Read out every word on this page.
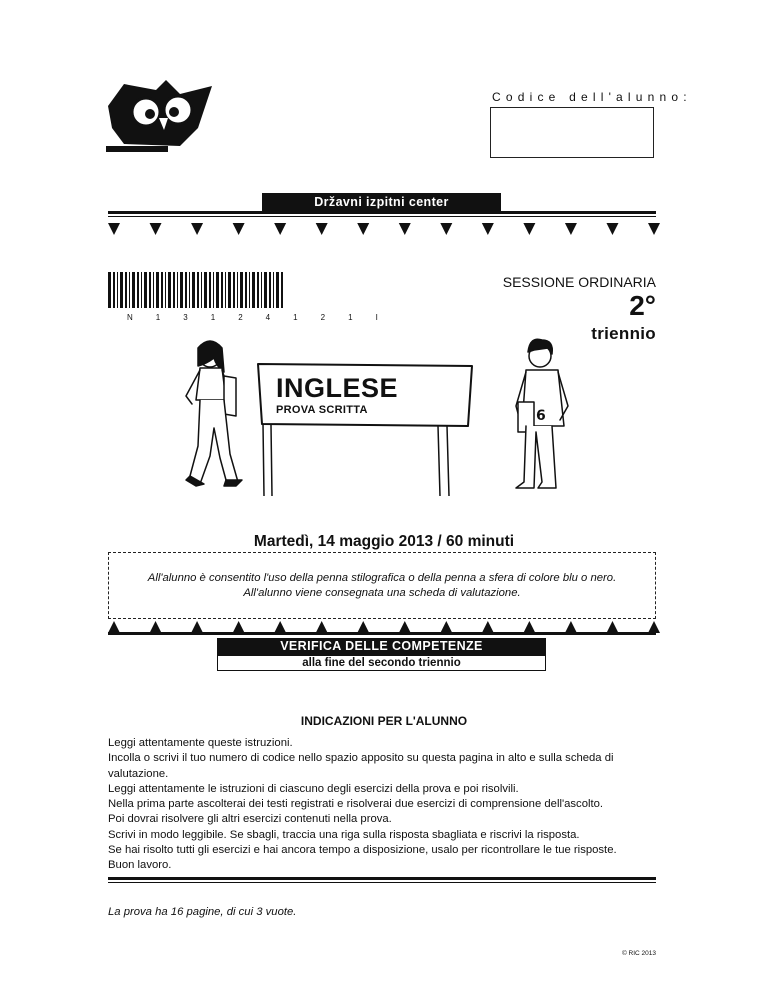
Codice dell'alunno:
Državni izpitni center
N 1 3 1 2 4 1 2 1 I
SESSIONE ORDINARIA
2°
triennio
6
INGLESE
PROVA SCRITTA
Martedì, 14 maggio 2013 / 60 minuti
All'alunno è consentito l'uso della penna stilografica o della penna a sfera di colore blu o nero.
All'alunno viene consegnata una scheda di valutazione.
VERIFICA DELLE COMPETENZE
alla fine del secondo triennio
INDICAZIONI PER L'ALUNNO

Leggi attentamente queste istruzioni.

Incolla o scrivi il tuo numero di codice nello spazio apposito su questa pagina in alto e sulla scheda di valutazione.

Leggi attentamente le istruzioni di ciascuno degli esercizi della prova e poi risolvili.

Nella prima parte ascolterai dei testi registrati e risolverai due esercizi di comprensione dell'ascolto.

Poi dovrai risolvere gli altri esercizi contenuti nella prova.

Scrivi in modo leggibile. Se sbagli, traccia una riga sulla risposta sbagliata e riscrivi la risposta.

Se hai risolto tutti gli esercizi e hai ancora tempo a disposizione, usalo per ricontrollare le tue risposte.

Buon lavoro.

La prova ha 16 pagine, di cui 3 vuote.
© RIC 2013
